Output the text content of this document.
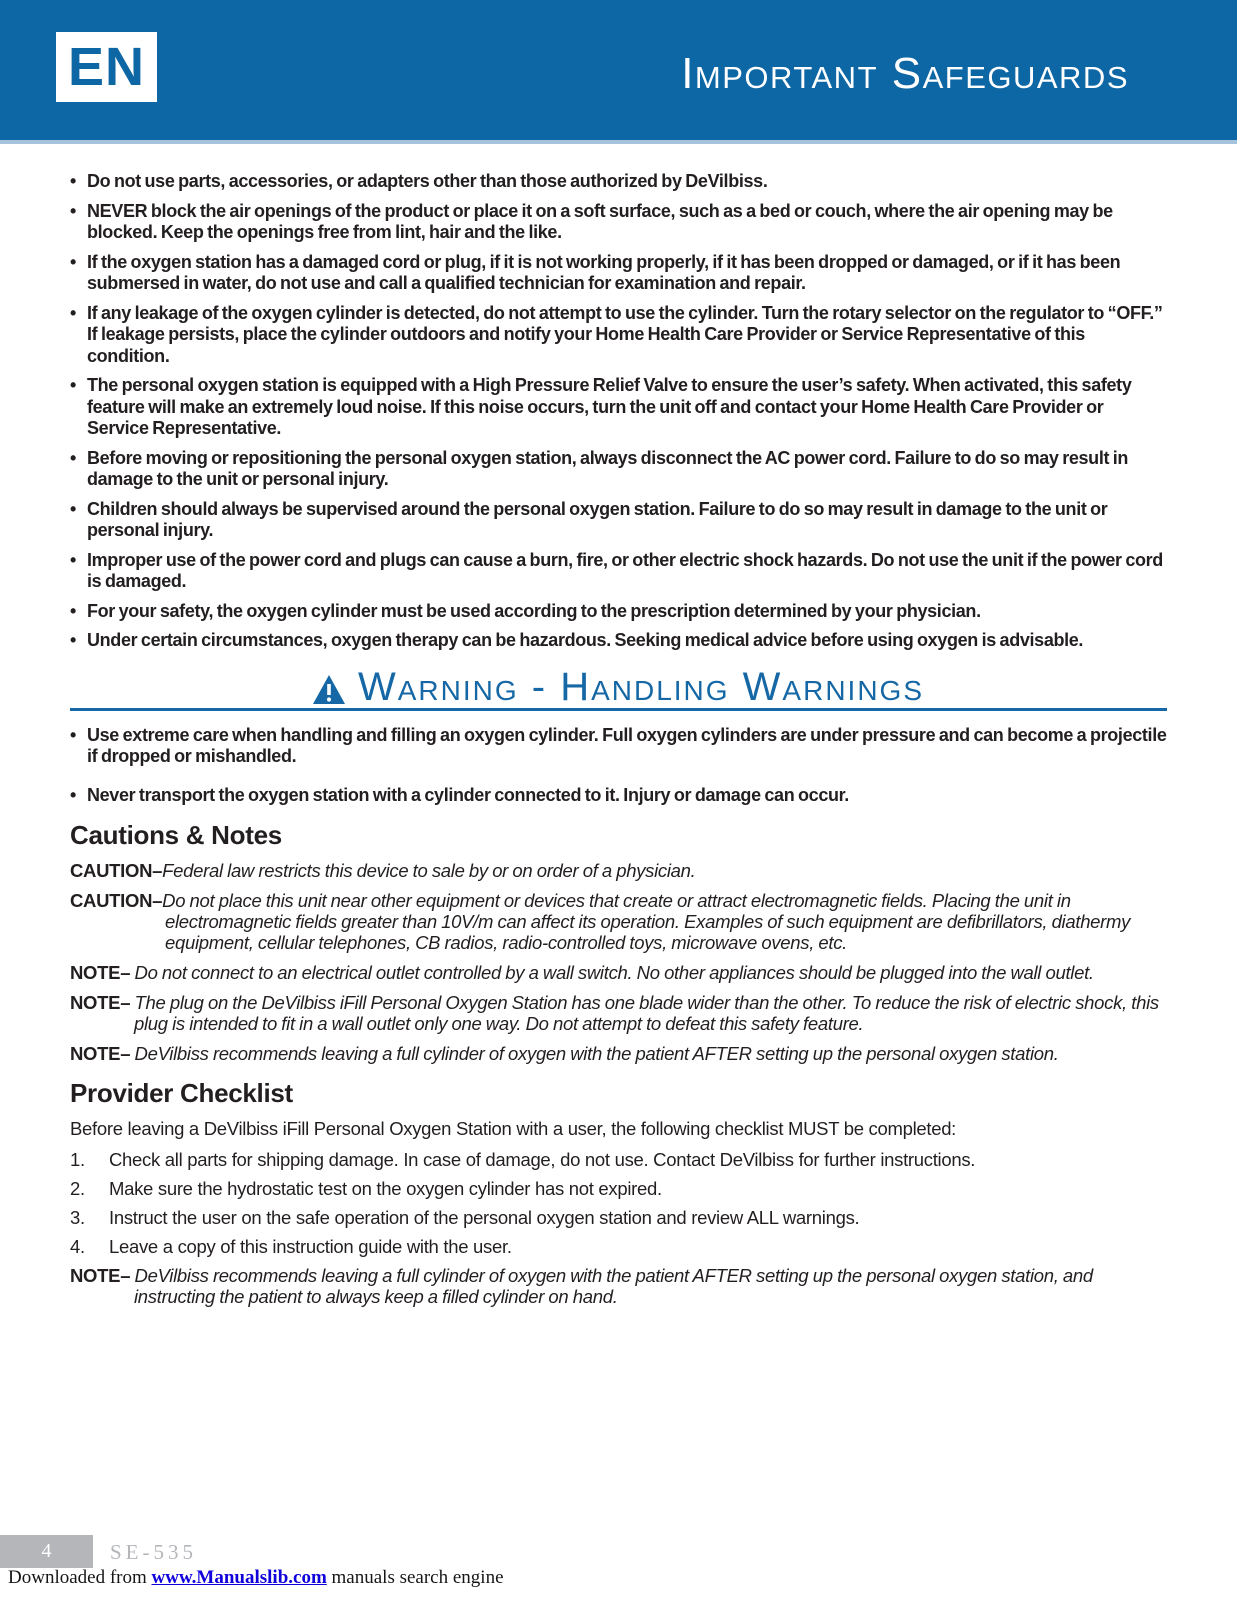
EN	Important Safeguards
• Do not use parts, accessories, or adapters other than those authorized by DeVilbiss.
• NEVER block the air openings of the product or place it on a soft surface, such as a bed or couch, where the air opening may be blocked. Keep the openings free from lint, hair and the like.
• If the oxygen station has a damaged cord or plug, if it is not working properly, if it has been dropped or damaged, or if it has been submersed in water, do not use and call a qualified technician for examination and repair.
• If any leakage of the oxygen cylinder is detected, do not attempt to use the cylinder. Turn the rotary selector on the regulator to “OFF.” If leakage persists, place the cylinder outdoors and notify your Home Health Care Provider or Service Representative of this condition.
• The personal oxygen station is equipped with a High Pressure Relief Valve to ensure the user’s safety. When activated, this safety feature will make an extremely loud noise. If this noise occurs, turn the unit off and contact your Home Health Care Provider or Service Representative.
• Before moving or repositioning the personal oxygen station, always disconnect the AC power cord. Failure to do so may result in damage to the unit or personal injury.
• Children should always be supervised around the personal oxygen station. Failure to do so may result in damage to the unit or personal injury.
• Improper use of the power cord and plugs can cause a burn, fire, or other electric shock hazards. Do not use the unit if the power cord is damaged.
• For your safety, the oxygen cylinder must be used according to the prescription determined by your physician.
• Under certain circumstances, oxygen therapy can be hazardous. Seeking medical advice before using oxygen is advisable.
Warning - Handling Warnings
• Use extreme care when handling and filling an oxygen cylinder. Full oxygen cylinders are under pressure and can become a projectile if dropped or mishandled.
• Never transport the oxygen station with a cylinder connected to it. Injury or damage can occur.
Cautions & Notes

CAUTION–Federal law restricts this device to sale by or on order of a physician.

CAUTION–Do not place this unit near other equipment or devices that create or attract electromagnetic fields. Placing the unit in electromagnetic fields greater than 10V/m can affect its operation. Examples of such equipment are defibrillators, diathermy equipment, cellular telephones, CB radios, radio-controlled toys, microwave ovens, etc.

NOTE– Do not connect to an electrical outlet controlled by a wall switch. No other appliances should be plugged into the wall outlet.

NOTE– The plug on the DeVilbiss iFill Personal Oxygen Station has one blade wider than the other. To reduce the risk of electric shock, this plug is intended to fit in a wall outlet only one way. Do not attempt to defeat this safety feature.

NOTE– DeVilbiss recommends leaving a full cylinder of oxygen with the patient AFTER setting up the personal oxygen station.

Provider Checklist

Before leaving a DeVilbiss iFill Personal Oxygen Station with a user, the following checklist MUST be completed:

1.	Check all parts for shipping damage. In case of damage, do not use. Contact DeVilbiss for further instructions.
2.	Make sure the hydrostatic test on the oxygen cylinder has not expired.
3.	Instruct the user on the safe operation of the personal oxygen station and review ALL warnings.
4.	Leave a copy of this instruction guide with the user.

NOTE– DeVilbiss recommends leaving a full cylinder of oxygen with the patient AFTER setting up the personal oxygen station, and instructing the patient to always keep a filled cylinder on hand.

4	SE-535
Downloaded from www.Manualslib.com manuals search engine
